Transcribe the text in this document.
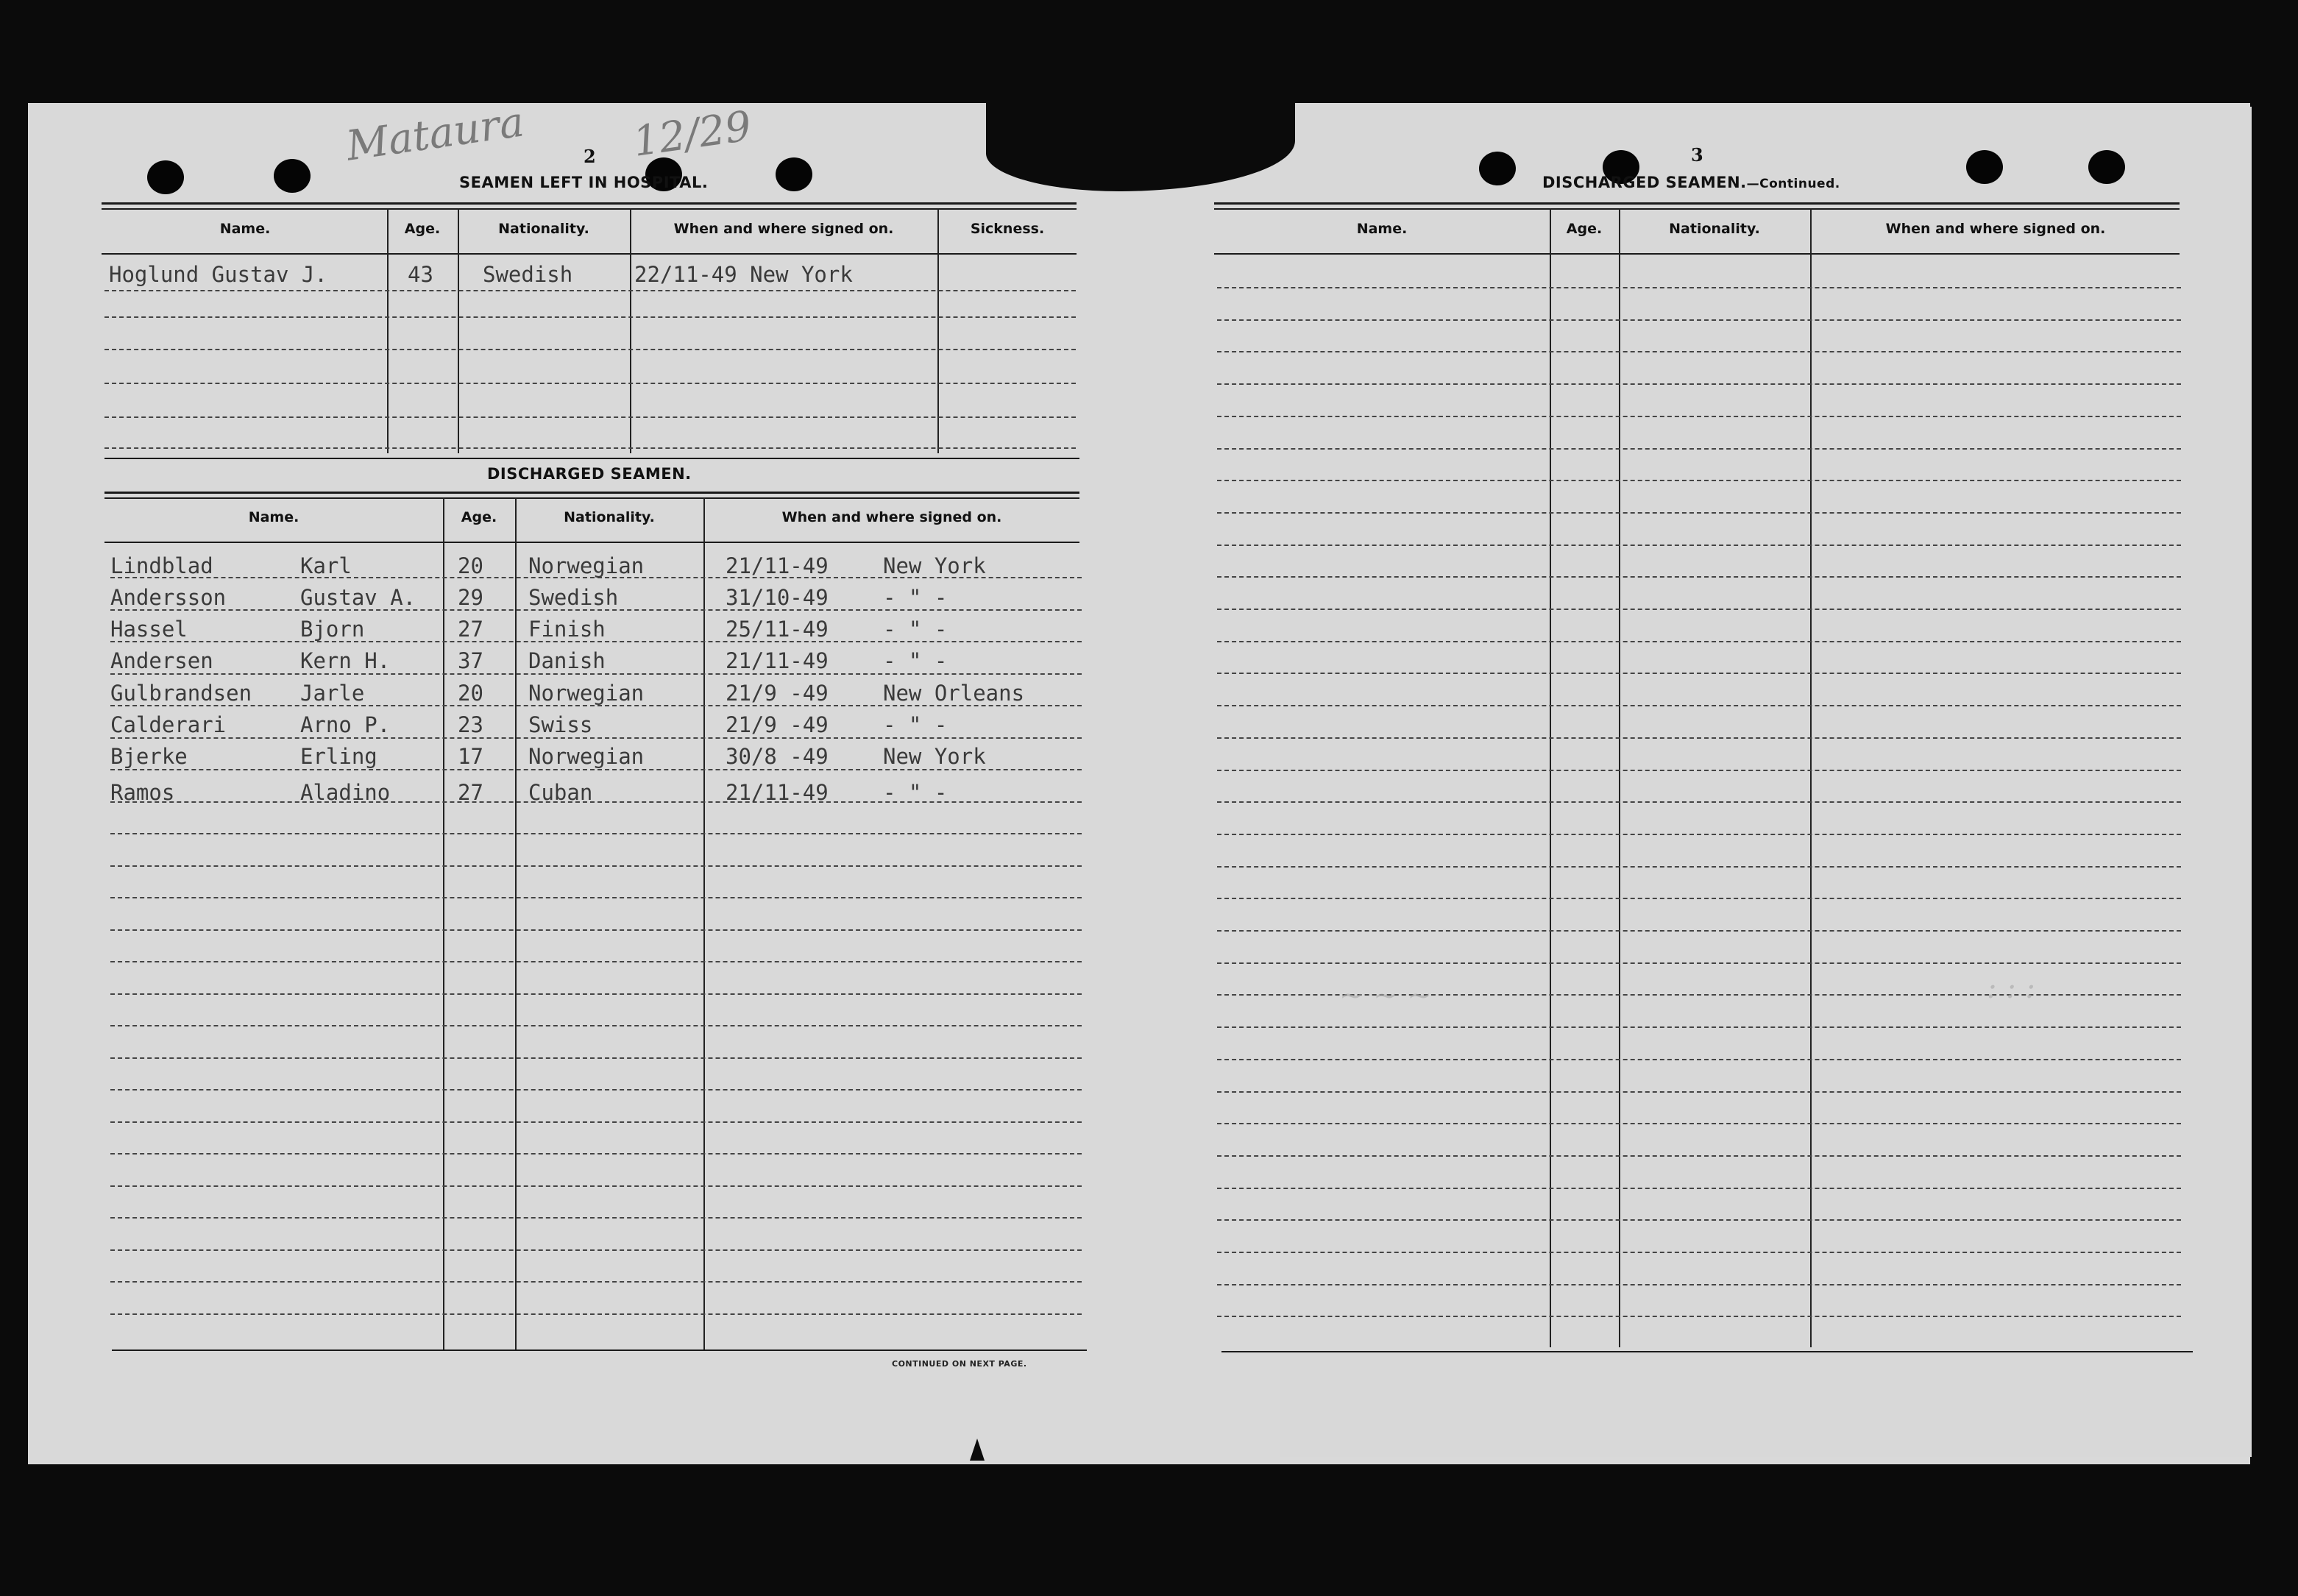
Mataura	12/29
2
SEAMEN LEFT IN HOSPITAL.
Name.	Age.	Nationality.	When and where signed on.	Sickness.
Hoglund Gustav J.	43 Swedish	22/11-49 New York
DISCHARGED SEAMEN.
Name.	Age.	Nationality.	When and where signed on.
Lindblad	Karl	20 Norwegian	21/11-49	New York
Andersson	Gustav A. 29 Swedish	31/10-49	- " -
Hassel	Bjorn	27 Finish	25/11-49	- " -
Andersen	Kern H.	37 Danish	21/11-49	- " -
Gulbrandsen Jarle	20 Norwegian	21/9 -49	New Orleans
Calderari	Arno P.	23 Swiss	21/9 -49	- " -
Bjerke	Erling	17 Norwegian	30/8 -49	New York
Ramos	Aladino	27 Cuban	21/11-49	- " -
CONTINUED ON NEXT PAGE.
3
DISCHARGED SEAMEN.—Continued.
Name.	Age.	Nationality.	When and where signed on.
~ ~ ~	: : :
